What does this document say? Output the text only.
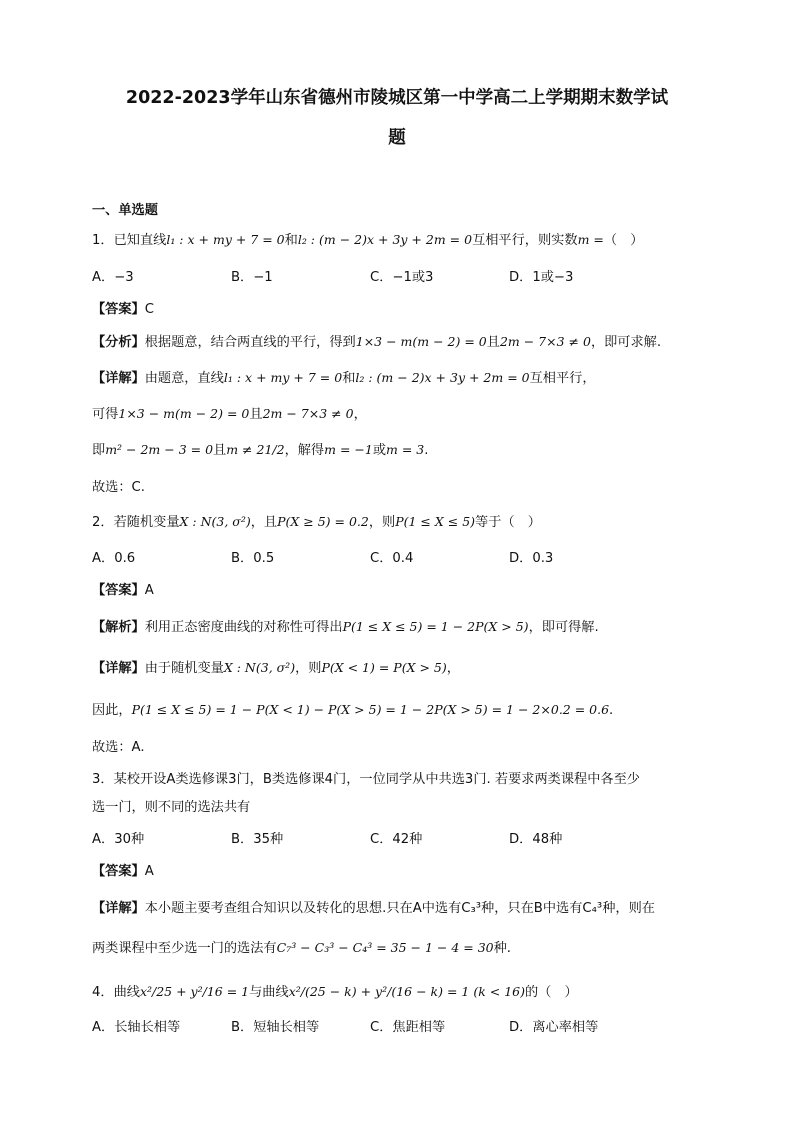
2022-2023学年山东省德州市陵城区第一中学高二上学期期末数学试
题
一、单选题
1．已知直线l₁ : x + my + 7 = 0和l₂ : (m − 2)x + 3y + 2m = 0互相平行，则实数m =（　）
A．−3	B．−1	C．−1或3	D．1或−3
【答案】C
【分析】根据题意，结合两直线的平行，得到1×3 − m(m − 2) = 0且2m − 7×3 ≠ 0，即可求解.
【详解】由题意，直线l₁ : x + my + 7 = 0和l₂ : (m − 2)x + 3y + 2m = 0互相平行，
可得1×3 − m(m − 2) = 0且2m − 7×3 ≠ 0，
即m² − 2m − 3 = 0且m ≠ 21/2，解得m = −1或m = 3.
故选：C.
2．若随机变量X : N(3, σ²)，且P(X ≥ 5) = 0.2，则P(1 ≤ X ≤ 5)等于（　）
A．0.6	B．0.5	C．0.4	D．0.3
【答案】A
【解析】利用正态密度曲线的对称性可得出P(1 ≤ X ≤ 5) = 1 − 2P(X > 5)，即可得解.
【详解】由于随机变量X : N(3, σ²)，则P(X < 1) = P(X > 5)，
因此，P(1 ≤ X ≤ 5) = 1 − P(X < 1) − P(X > 5) = 1 − 2P(X > 5) = 1 − 2×0.2 = 0.6.
故选：A.
3．某校开设A类选修课3门，B类选修课4门，一位同学从中共选3门. 若要求两类课程中各至少
选一门，则不同的选法共有
A．30种	B．35种	C．42种	D．48种
【答案】A
【详解】本小题主要考查组合知识以及转化的思想.只在A中选有C₃³种，只在B中选有C₄³种，则在
两类课程中至少选一门的选法有C₇³ − C₃³ − C₄³ = 35 − 1 − 4 = 30种.
4．曲线x²/25 + y²/16 = 1与曲线x²/(25 − k) + y²/(16 − k) = 1 (k < 16)的（　）
A．长轴长相等	B．短轴长相等	C．焦距相等	D．离心率相等
